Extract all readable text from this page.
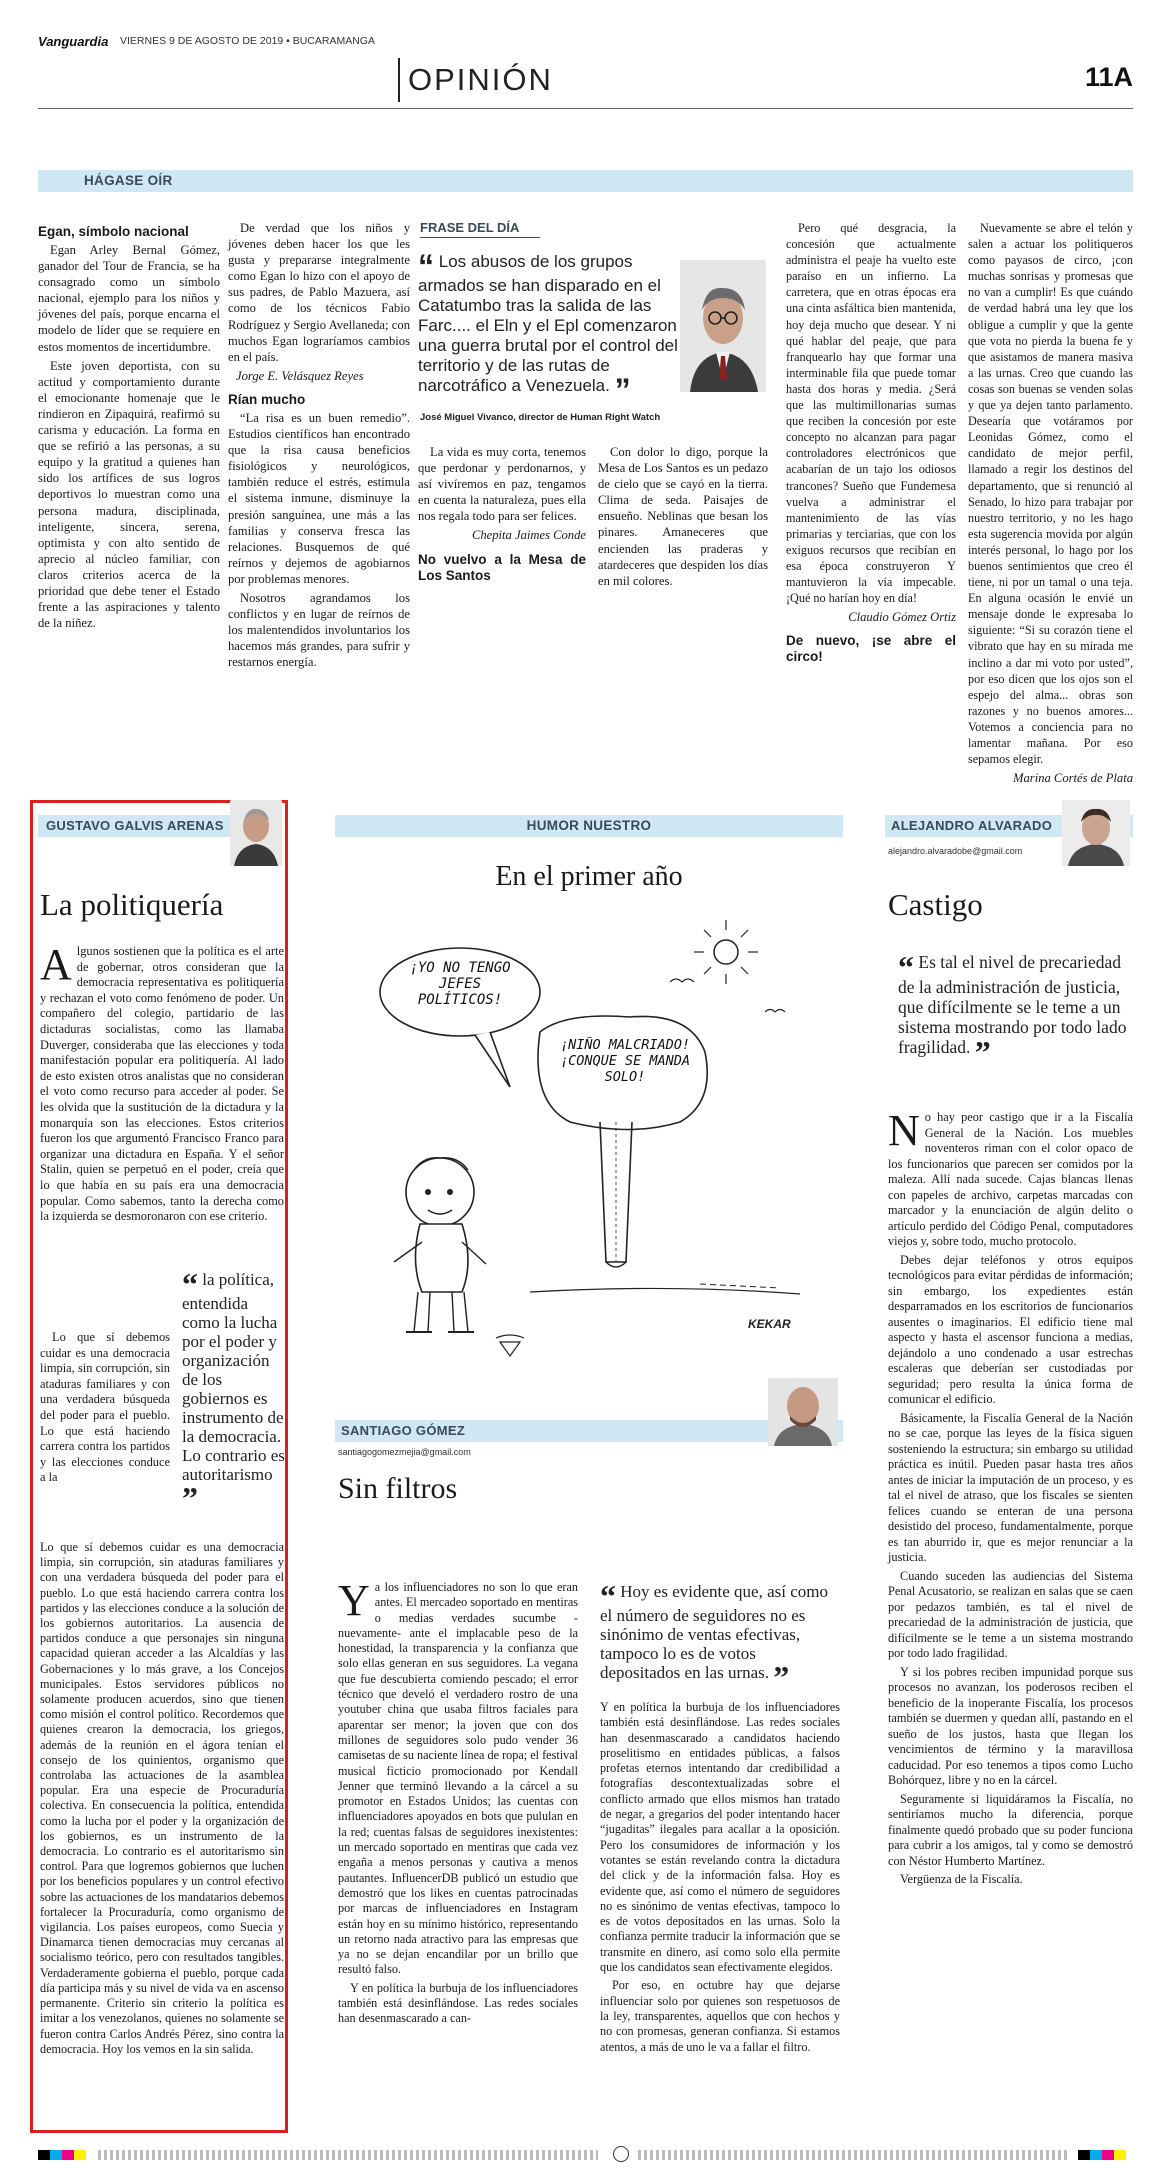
Vanguardia VIERNES 9 DE AGOSTO DE 2019 • BUCARAMANGA
OPINIÓN	11A
HÁGASE OÍR
Egan, símbolo nacional

Egan Arley Bernal Gómez, ganador del Tour de Francia, se ha consagrado como un símbolo nacional, ejemplo para los niños y jóvenes del país, porque encarna el modelo de líder que se requiere en estos momentos de incertidumbre.

Este joven deportista, con su actitud y comportamiento durante el emocionante homenaje que le rindieron en Zipaquirá, reafirmó su carisma y educación. La forma en que se refirió a las personas, a su equipo y la gratitud a quienes han sido los artífices de sus logros deportivos lo muestran como una persona madura, disciplinada, inteligente, sincera, serena, optimista y con alto sentido de aprecio al núcleo familiar, con claros criterios acerca de la prioridad que debe tener el Estado frente a las aspiraciones y talento de la niñez.

De verdad que los niños y jóvenes deben hacer los que les gusta y prepararse integralmente como Egan lo hizo con el apoyo de sus padres, de Pablo Mazuera, así como de los técnicos Fabio Rodríguez y Sergio Avellaneda; con muchos Egan lograríamos cambios en el país.

Jorge E. Velásquez Reyes
Rían mucho

“La risa es un buen remedio”. Estudios científicos han encontrado que la risa causa beneficios fisiológicos y neurológicos, también reduce el estrés, estimula el sistema inmune, disminuye la presión sanguínea, une más a las familias y conserva fresca las relaciones. Busquemos de qué reírnos y dejemos de agobiarnos por problemas menores.

Nosotros agrandamos los conflictos y en lugar de reírnos de los malentendidos involuntarios los hacemos más grandes, para sufrir y restarnos energía.

FRASE DEL DÍA
“ Los abusos de los grupos armados se han disparado en el Catatumbo tras la salida de las Farc.... el Eln y el Epl comenzaron una guerra brutal por el control del territorio y de las rutas de narcotráfico a Venezuela. ”
José Miguel Vivanco, director de Human Right Watch

La vida es muy corta, tenemos que perdonar y perdonarnos, y así vivíremos en paz, tengamos en cuenta la naturaleza, pues ella nos regala todo para ser felices.

Chepita Jaimes Conde
No vuelvo a la Mesa de Los Santos

Con dolor lo digo, porque la Mesa de Los Santos es un pedazo de cielo que se cayó en la tierra. Clima de seda. Paisajes de ensueño. Neblinas que besan los pinares. Amaneceres que encienden las praderas y atardeceres que despiden los días en mil colores.

Pero qué desgracia, la concesión que actualmente administra el peaje ha vuelto este paraíso en un infierno. La carretera, que en otras épocas era una cinta asfáltica bien mantenida, hoy deja mucho que desear. Y ni qué hablar del peaje, que para franquearlo hay que formar una interminable fila que puede tomar hasta dos horas y media. ¿Será que las multimillonarias sumas que reciben la concesión por este concepto no alcanzan para pagar controladores electrónicos que acabarían de un tajo los odiosos trancones? Sueño que Fundemesa vuelva a administrar el mantenimiento de las vías primarias y terciarias, que con los exiguos recursos que recibían en esa época construyeron Y mantuvieron la vía impecable. ¡Qué no harían hoy en día!

Claudio Gómez Ortiz
De nuevo, ¡se abre el circo!

Nuevamente se abre el telón y salen a actuar los politiqueros como payasos de circo, ¡con muchas sonrisas y promesas que no van a cumplir! Es que cuándo de verdad habrá una ley que los obligue a cumplir y que la gente que vota no pierda la buena fe y que asistamos de manera masiva a las urnas. Creo que cuando las cosas son buenas se venden solas y que ya dejen tanto parlamento. Desearía que votáramos por Leonidas Gómez, como el candidato de mejor perfil, llamado a regir los destinos del departamento, que si renunció al Senado, lo hizo para trabajar por nuestro territorio, y no les hago esta sugerencia movida por algún interés personal, lo hago por los buenos sentimientos que creo él tiene, ni por un tamal o una teja. En alguna ocasión le envié un mensaje donde le expresaba lo siguiente: “Si su corazón tiene el vibrato que hay en su mirada me inclino a dar mi voto por usted”, por eso dicen que los ojos son el espejo del alma... obras son razones y no buenos amores... Votemos a conciencia para no lamentar mañana. Por eso sepamos elegir.

Marina Cortés de Plata
GUSTAVO GALVIS ARENAS
La politiquería

Algunos sostienen que la política es el arte de gobernar, otros consideran que la democracia representativa es politiquería y rechazan el voto como fenómeno de poder. Un compañero del colegio, partidario de las dictaduras socialistas, como las llamaba Duverger, consideraba que las elecciones y toda manifestación popular era politiquería. Al lado de esto existen otros analistas que no consideran el voto como recurso para acceder al poder. Se les olvida que la sustitución de la dictadura y la monarquía son las elecciones. Estos criterios fueron los que argumentó Francisco Franco para organizar una dictadura en España. Y el señor Stalin, quien se perpetuó en el poder, creía que lo que había en su país era una democracia popular. Como sabemos, tanto la derecha como la izquierda se desmoronaron con ese criterio.

“ la política, entendida como la lucha por el poder y organización de los gobiernos es instrumento de la democracia. Lo contrario es autoritarismo ”

Lo que sí debemos cuidar es una democracia limpia, sin corrupción, sin ataduras familiares y con una verdadera búsqueda del poder para el pueblo. Lo que está haciendo carrera contra los partidos y las elecciones conduce a la

Lo que sí debemos cuidar es una democracia limpia, sin corrupción, sin ataduras familiares y con una verdadera búsqueda del poder para el pueblo. Lo que está haciendo carrera contra los partidos y las elecciones conduce a la solución de los gobiernos autoritarios. La ausencia de partidos conduce a que personajes sin ninguna capacidad quieran acceder a las Alcaldías y las Gobernaciones y lo más grave, a los Concejos municipales. Estos servidores públicos no solamente producen acuerdos, sino que tienen como misión el control político. Recordemos que quienes crearon la democracia, los griegos, además de la reunión en el ágora tenían el consejo de los quinientos, organismo que controlaba las actuaciones de la asamblea popular. Era una especie de Procuraduría colectiva. En consecuencia la política, entendida como la lucha por el poder y la organización de los gobiernos, es un instrumento de la democracia. Lo contrario es el autoritarismo sin control. Para que logremos gobiernos que luchen por los beneficios populares y un control efectivo sobre las actuaciones de los mandatarios debemos fortalecer la Procuraduría, como organismo de vigilancia. Los países europeos, como Suecia y Dinamarca tienen democracias muy cercanas al socialismo teórico, pero con resultados tangibles. Verdaderamente gobierna el pueblo, porque cada día participa más y su nivel de vida va en ascenso permanente. Criterio sin criterio la política es imitar a los venezolanos, quienes no solamente se fueron contra Carlos Andrés Pérez, sino contra la democracia. Hoy los vemos en la sin salida.

HUMOR NUESTRO
En el primer año
¡YO NO TENGO JEFES POLÍTICOS!
¡NIÑO MALCRIADO! ¡CONQUE SE MANDA SOLO!
KEKAR
SANTIAGO GÓMEZ
santiagogomezmejia@gmail.com
Sin filtros

Ya los influenciadores no son lo que eran antes. El mercadeo soportado en mentiras o medias verdades sucumbe -nuevamente- ante el implacable peso de la honestidad, la transparencia y la confianza que solo ellas generan en sus seguidores. La vegana que fue descubierta comiendo pescado; el error técnico que develó el verdadero rostro de una youtuber china que usaba filtros faciales para aparentar ser menor; la joven que con dos millones de seguidores solo pudo vender 36 camisetas de su naciente línea de ropa; el festival musical ficticio promocionado por Kendall Jenner que terminó llevando a la cárcel a su promotor en Estados Unidos; las cuentas con influenciadores apoyados en bots que pululan en la red; cuentas falsas de seguidores inexistentes: un mercado soportado en mentiras que cada vez engaña a menos personas y cautiva a menos pautantes. InfluencerDB publicó un estudio que demostró que los likes en cuentas patrocinadas por marcas de influenciadores en Instagram están hoy en su mínimo histórico, representando un retorno nada atractivo para las empresas que ya no se dejan encandilar por un brillo que resultó falso.

Y en política la burbuja de los influenciadores también está desinflándose. Las redes sociales han desenmascarado a can-

“ Hoy es evidente que, así como el número de seguidores no es sinónimo de ventas efectivas, tampoco lo es de votos depositados en las urnas. ”

Y en política la burbuja de los influenciadores también está desinflándose. Las redes sociales han desenmascarado a candidatos haciendo proselitismo en entidades públicas, a falsos profetas eternos intentando dar credibilidad a fotografías descontextualizadas sobre el conflicto armado que ellos mismos han tratado de negar, a gregarios del poder intentando hacer “jugaditas” ilegales para acallar a la oposición. Pero los consumidores de información y los votantes se están revelando contra la dictadura del click y de la información falsa. Hoy es evidente que, así como el número de seguidores no es sinónimo de ventas efectivas, tampoco lo es de votos depositados en las urnas. Solo la confianza permite traducir la información que se transmite en dinero, así como solo ella permite que los candidatos sean efectivamente elegidos.

Por eso, en octubre hay que dejarse influenciar solo por quienes son respetuosos de la ley, transparentes, aquellos que con hechos y no con promesas, generan confianza. Si estamos atentos, a más de uno le va a fallar el filtro.

ALEJANDRO ALVARADO
alejandro.alvaradobe@gmail.com
Castigo
“ Es tal el nivel de precariedad de la administración de justicia, que difícilmente se le teme a un sistema mostrando por todo lado fragilidad. ”

No hay peor castigo que ir a la Fiscalía General de la Nación. Los muebles noventeros riman con el color opaco de los funcionarios que parecen ser comidos por la maleza. Allí nada sucede. Cajas blancas llenas con papeles de archivo, carpetas marcadas con marcador y la enunciación de algún delito o artículo perdido del Código Penal, computadores viejos y, sobre todo, mucho protocolo.

Debes dejar teléfonos y otros equipos tecnológicos para evitar pérdidas de información; sin embargo, los expedientes están desparramados en los escritorios de funcionarios ausentes o imaginarios. El edificio tiene mal aspecto y hasta el ascensor funciona a medias, dejándolo a uno condenado a usar estrechas escaleras que deberían ser custodiadas por seguridad; pero resulta la única forma de comunicar el edificio.

Básicamente, la Fiscalía General de la Nación no se cae, porque las leyes de la física siguen sosteniendo la estructura; sin embargo su utilidad práctica es inútil. Pueden pasar hasta tres años antes de iniciar la imputación de un proceso, y es tal el nivel de atraso, que los fiscales se sienten felices cuando se enteran de una persona desistido del proceso, fundamentalmente, porque es tan aburrido ir, que es mejor renunciar a la justicia.

Cuando suceden las audiencias del Sistema Penal Acusatorio, se realizan en salas que se caen por pedazos también, es tal el nivel de precariedad de la administración de justicia, que difícilmente se le teme a un sistema mostrando por todo lado fragilidad.

Y si los pobres reciben impunidad porque sus procesos no avanzan, los poderosos reciben el beneficio de la inoperante Fiscalía, los procesos también se duermen y quedan allí, pastando en el sueño de los justos, hasta que llegan los vencimientos de término y la maravillosa caducidad. Por eso tenemos a tipos como Lucho Bohórquez, libre y no en la cárcel.

Seguramente si liquidáramos la Fiscalía, no sentiríamos mucho la diferencia, porque finalmente quedó probado que su poder funciona para cubrir a los amigos, tal y como se demostró con Néstor Humberto Martínez.

Vergüenza de la Fiscalía.
